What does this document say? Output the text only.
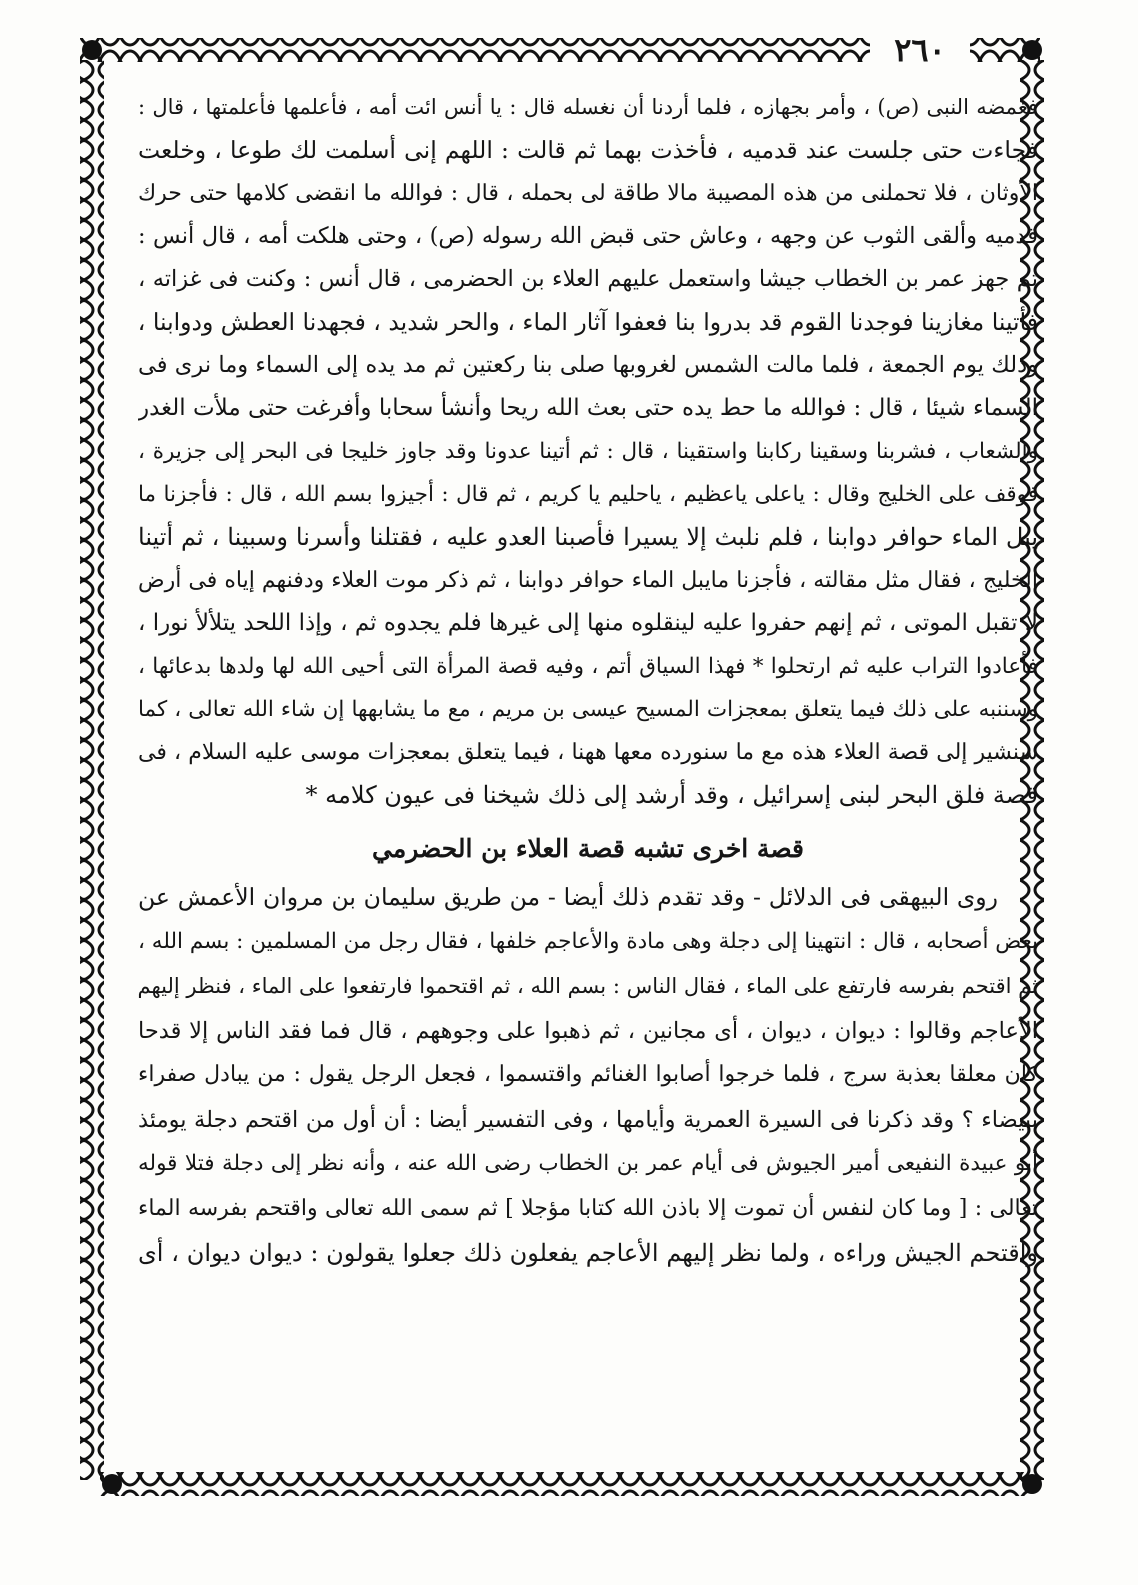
٢٦٠
فغمضه النبى (ص) ، وأمر بجهازه ، فلما أردنا أن نغسله قال : يا أنس ائت أمه ، فأعلمها فأعلمتها ، قال :
فجاءت حتى جلست عند قدميه ، فأخذت بهما ثم قالت : اللهم إنى أسلمت لك طوعا ، وخلعت
الأوثان ، فلا تحملنى من هذه المصيبة مالا طاقة لى بحمله ، قال : فوالله ما انقضى كلامها حتى حرك
قدميه وألقى الثوب عن وجهه ، وعاش حتى قبض الله رسوله (ص) ، وحتى هلكت أمه ، قال أنس :
ثم جهز عمر بن الخطاب جيشا واستعمل عليهم العلاء بن الحضرمى ، قال أنس : وكنت فى غزاته ،
فأتينا مغازينا فوجدنا القوم قد بدروا بنا فعفوا آثار الماء ، والحر شديد ، فجهدنا العطش ودوابنا ،
وذلك يوم الجمعة ، فلما مالت الشمس لغروبها صلى بنا ركعتين ثم مد يده إلى السماء وما نرى فى
السماء شيئا ، قال : فوالله ما حط يده حتى بعث الله ريحا وأنشأ سحابا وأفرغت حتى ملأت الغدر
والشعاب ، فشربنا وسقينا ركابنا واستقينا ، قال : ثم أتينا عدونا وقد جاوز خليجا فى البحر إلى جزيرة ،
فوقف على الخليج وقال : ياعلى ياعظيم ، ياحليم يا كريم ، ثم قال : أجيزوا بسم الله ، قال : فأجزنا ما
يبل الماء حوافر دوابنا ، فلم نلبث إلا يسيرا فأصبنا العدو عليه ، فقتلنا وأسرنا وسبينا ، ثم أتينا
الخليج ، فقال مثل مقالته ، فأجزنا مايبل الماء حوافر دوابنا ، ثم ذكر موت العلاء ودفنهم إياه فى أرض
لا تقبل الموتى ، ثم إنهم حفروا عليه لينقلوه منها إلى غيرها فلم يجدوه ثم ، وإذا اللحد يتلألأ نورا ،
فأعادوا التراب عليه ثم ارتحلوا * فهذا السياق أتم ، وفيه قصة المرأة التى أحيى الله لها ولدها بدعائها ،
وسننبه على ذلك فيما يتعلق بمعجزات المسيح عيسى بن مريم ، مع ما يشابهها إن شاء الله تعالى ، كما
سنشير إلى قصة العلاء هذه مع ما سنورده معها ههنا ، فيما يتعلق بمعجزات موسى عليه السلام ، فى
قصة فلق البحر لبنى إسرائيل ، وقد أرشد إلى ذلك شيخنا فى عيون كلامه *
قصة اخرى تشبه قصة العلاء بن الحضرمي
روى البيهقى فى الدلائل - وقد تقدم ذلك أيضا - من طريق سليمان بن مروان الأعمش عن
بعض أصحابه ، قال : انتهينا إلى دجلة وهى مادة والأعاجم خلفها ، فقال رجل من المسلمين : بسم الله ،
ثم اقتحم بفرسه فارتفع على الماء ، فقال الناس : بسم الله ، ثم اقتحموا فارتفعوا على الماء ، فنظر إليهم
الأعاجم وقالوا : ديوان ، ديوان ، أى مجانين ، ثم ذهبوا على وجوههم ، قال فما فقد الناس إلا قدحا
كان معلقا بعذبة سرج ، فلما خرجوا أصابوا الغنائم واقتسموا ، فجعل الرجل يقول : من يبادل صفراء
ببيضاء ؟ وقد ذكرنا فى السيرة العمرية وأيامها ، وفى التفسير أيضا : أن أول من اقتحم دجلة يومئذ
أبو عبيدة النفيعى أمير الجيوش فى أيام عمر بن الخطاب رضى الله عنه ، وأنه نظر إلى دجلة فتلا قوله
تعالى : [ وما كان لنفس أن تموت إلا باذن الله كتابا مؤجلا ] ثم سمى الله تعالى واقتحم بفرسه الماء
واقتحم الجيش وراءه ، ولما نظر إليهم الأعاجم يفعلون ذلك جعلوا يقولون : ديوان ديوان ، أى
